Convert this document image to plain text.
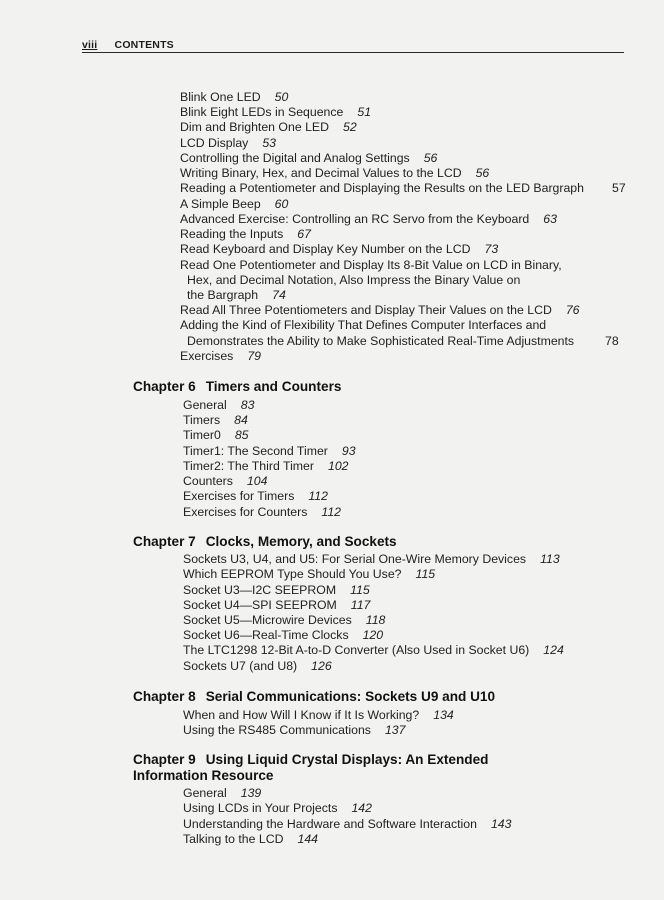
viii CONTENTS
Blink One LED 50
Blink Eight LEDs in Sequence 51
Dim and Brighten One LED 52
LCD Display 53
Controlling the Digital and Analog Settings 56
Writing Binary, Hex, and Decimal Values to the LCD 56
Reading a Potentiometer and Displaying the Results on the LED Bargraph 57
A Simple Beep 60
Advanced Exercise: Controlling an RC Servo from the Keyboard 63
Reading the Inputs 67
Read Keyboard and Display Key Number on the LCD 73
Read One Potentiometer and Display Its 8-Bit Value on LCD in Binary,
Hex, and Decimal Notation, Also Impress the Binary Value on
the Bargraph 74
Read All Three Potentiometers and Display Their Values on the LCD 76
Adding the Kind of Flexibility That Defines Computer Interfaces and
Demonstrates the Ability to Make Sophisticated Real-Time Adjustments	78
Exercises 79
Chapter 6 Timers and Counters
General 83
Timers 84
Timer0 85
Timer1: The Second Timer 93
Timer2: The Third Timer 102
Counters 104
Exercises for Timers 112
Exercises for Counters 112
Chapter 7 Clocks, Memory, and Sockets
Sockets U3, U4, and U5: For Serial One-Wire Memory Devices 113
Which EEPROM Type Should You Use? 115
Socket U3—I2C SEEPROM 115
Socket U4—SPI SEEPROM 117
Socket U5—Microwire Devices 118
Socket U6—Real-Time Clocks 120
The LTC1298 12-Bit A-to-D Converter (Also Used in Socket U6) 124
Sockets U7 (and U8) 126
Chapter 8 Serial Communications: Sockets U9 and U10
When and How Will I Know if It Is Working? 134
Using the RS485 Communications 137
Chapter 9 Using Liquid Crystal Displays: An Extended
Information Resource
General 139
Using LCDs in Your Projects 142
Understanding the Hardware and Software Interaction 143
Talking to the LCD 144
